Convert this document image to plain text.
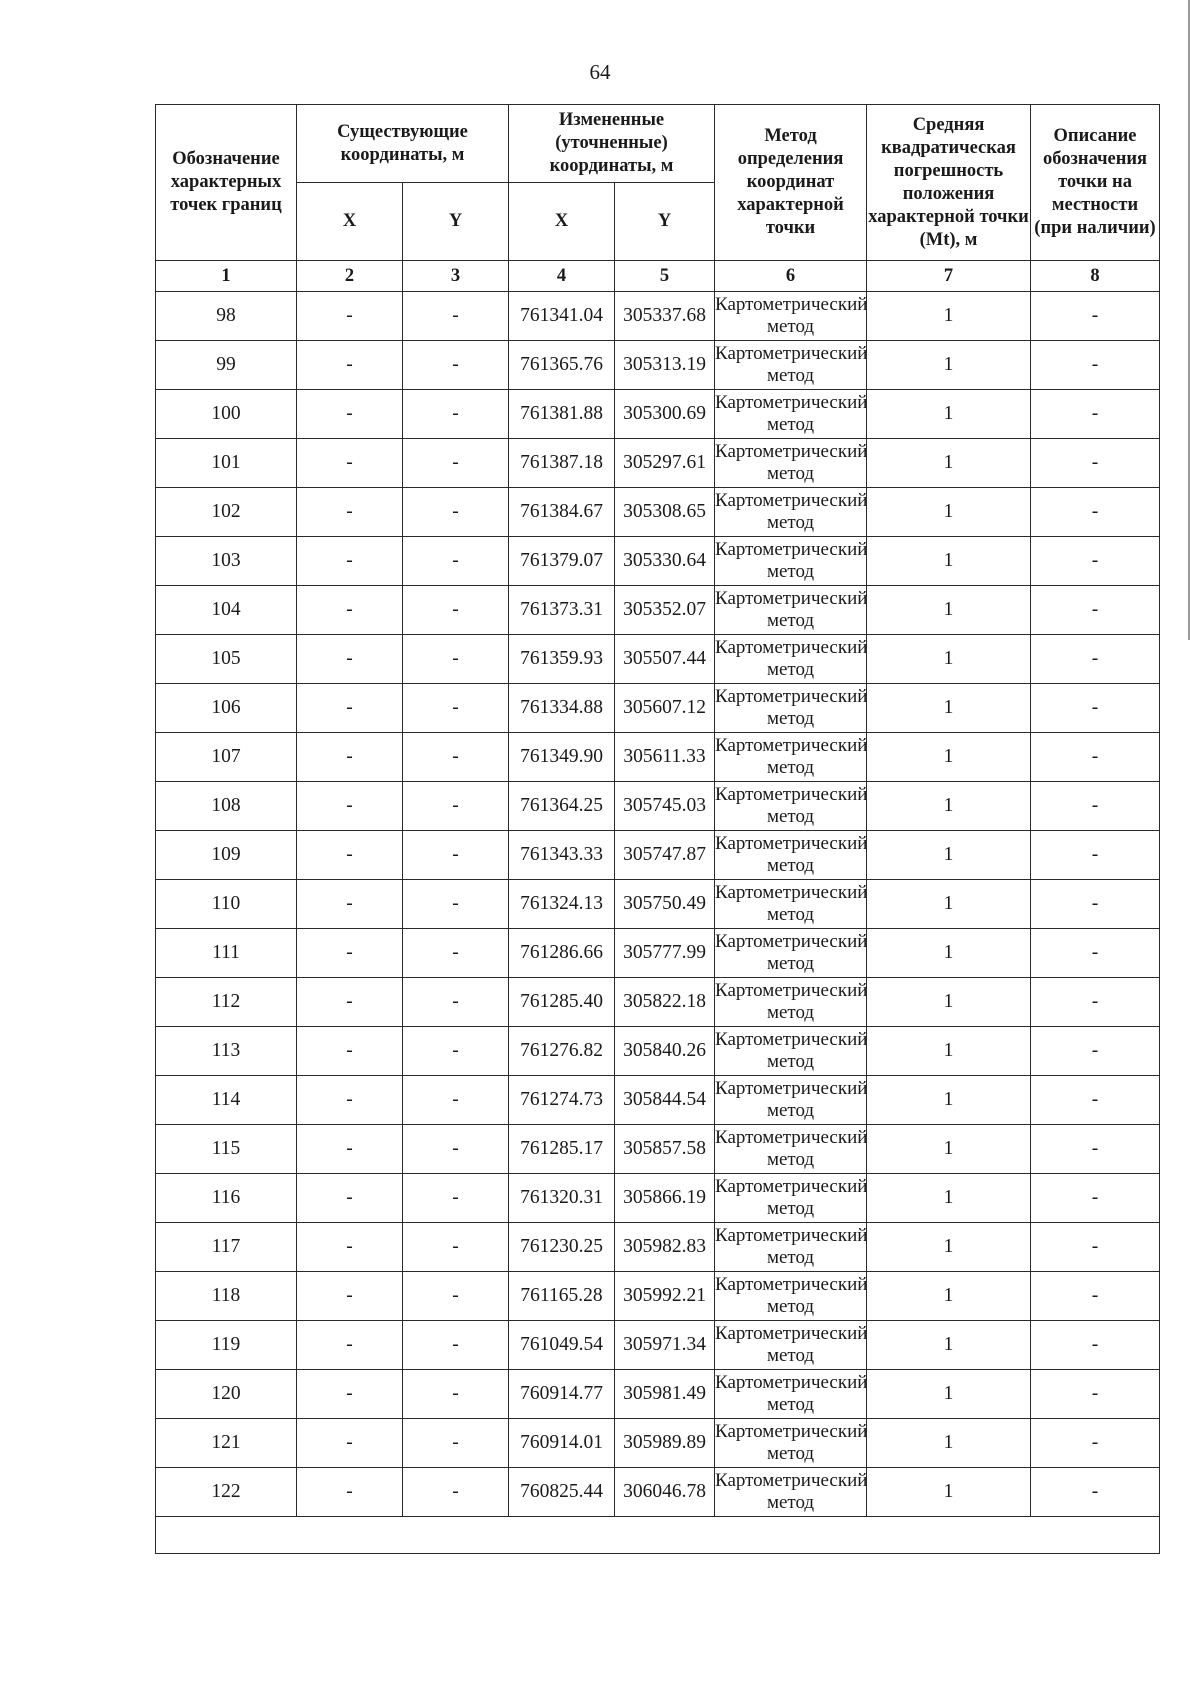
64
Обозначение характерных точек границ	Существующие координаты, м		Измененные (уточненные) координаты, м		Метод определения координат характерной точки	Средняя квадратическая погрешность положения характерной точки (Mt), м	Описание обозначения точки на местности (при наличии)
	X	Y	X	Y			
1	2	3	4	5	6	7	8
98	-	-	761341.04	305337.68	Картометрический метод	1	-
99	-	-	761365.76	305313.19	Картометрический метод	1	-
100	-	-	761381.88	305300.69	Картометрический метод	1	-
101	-	-	761387.18	305297.61	Картометрический метод	1	-
102	-	-	761384.67	305308.65	Картометрический метод	1	-
103	-	-	761379.07	305330.64	Картометрический метод	1	-
104	-	-	761373.31	305352.07	Картометрический метод	1	-
105	-	-	761359.93	305507.44	Картометрический метод	1	-
106	-	-	761334.88	305607.12	Картометрический метод	1	-
107	-	-	761349.90	305611.33	Картометрический метод	1	-
108	-	-	761364.25	305745.03	Картометрический метод	1	-
109	-	-	761343.33	305747.87	Картометрический метод	1	-
110	-	-	761324.13	305750.49	Картометрический метод	1	-
111	-	-	761286.66	305777.99	Картометрический метод	1	-
112	-	-	761285.40	305822.18	Картометрический метод	1	-
113	-	-	761276.82	305840.26	Картометрический метод	1	-
114	-	-	761274.73	305844.54	Картометрический метод	1	-
115	-	-	761285.17	305857.58	Картометрический метод	1	-
116	-	-	761320.31	305866.19	Картометрический метод	1	-
117	-	-	761230.25	305982.83	Картометрический метод	1	-
118	-	-	761165.28	305992.21	Картометрический метод	1	-
119	-	-	761049.54	305971.34	Картометрический метод	1	-
120	-	-	760914.77	305981.49	Картометрический метод	1	-
121	-	-	760914.01	305989.89	Картометрический метод	1	-
122	-	-	760825.44	306046.78	Картометрический метод	1	-
